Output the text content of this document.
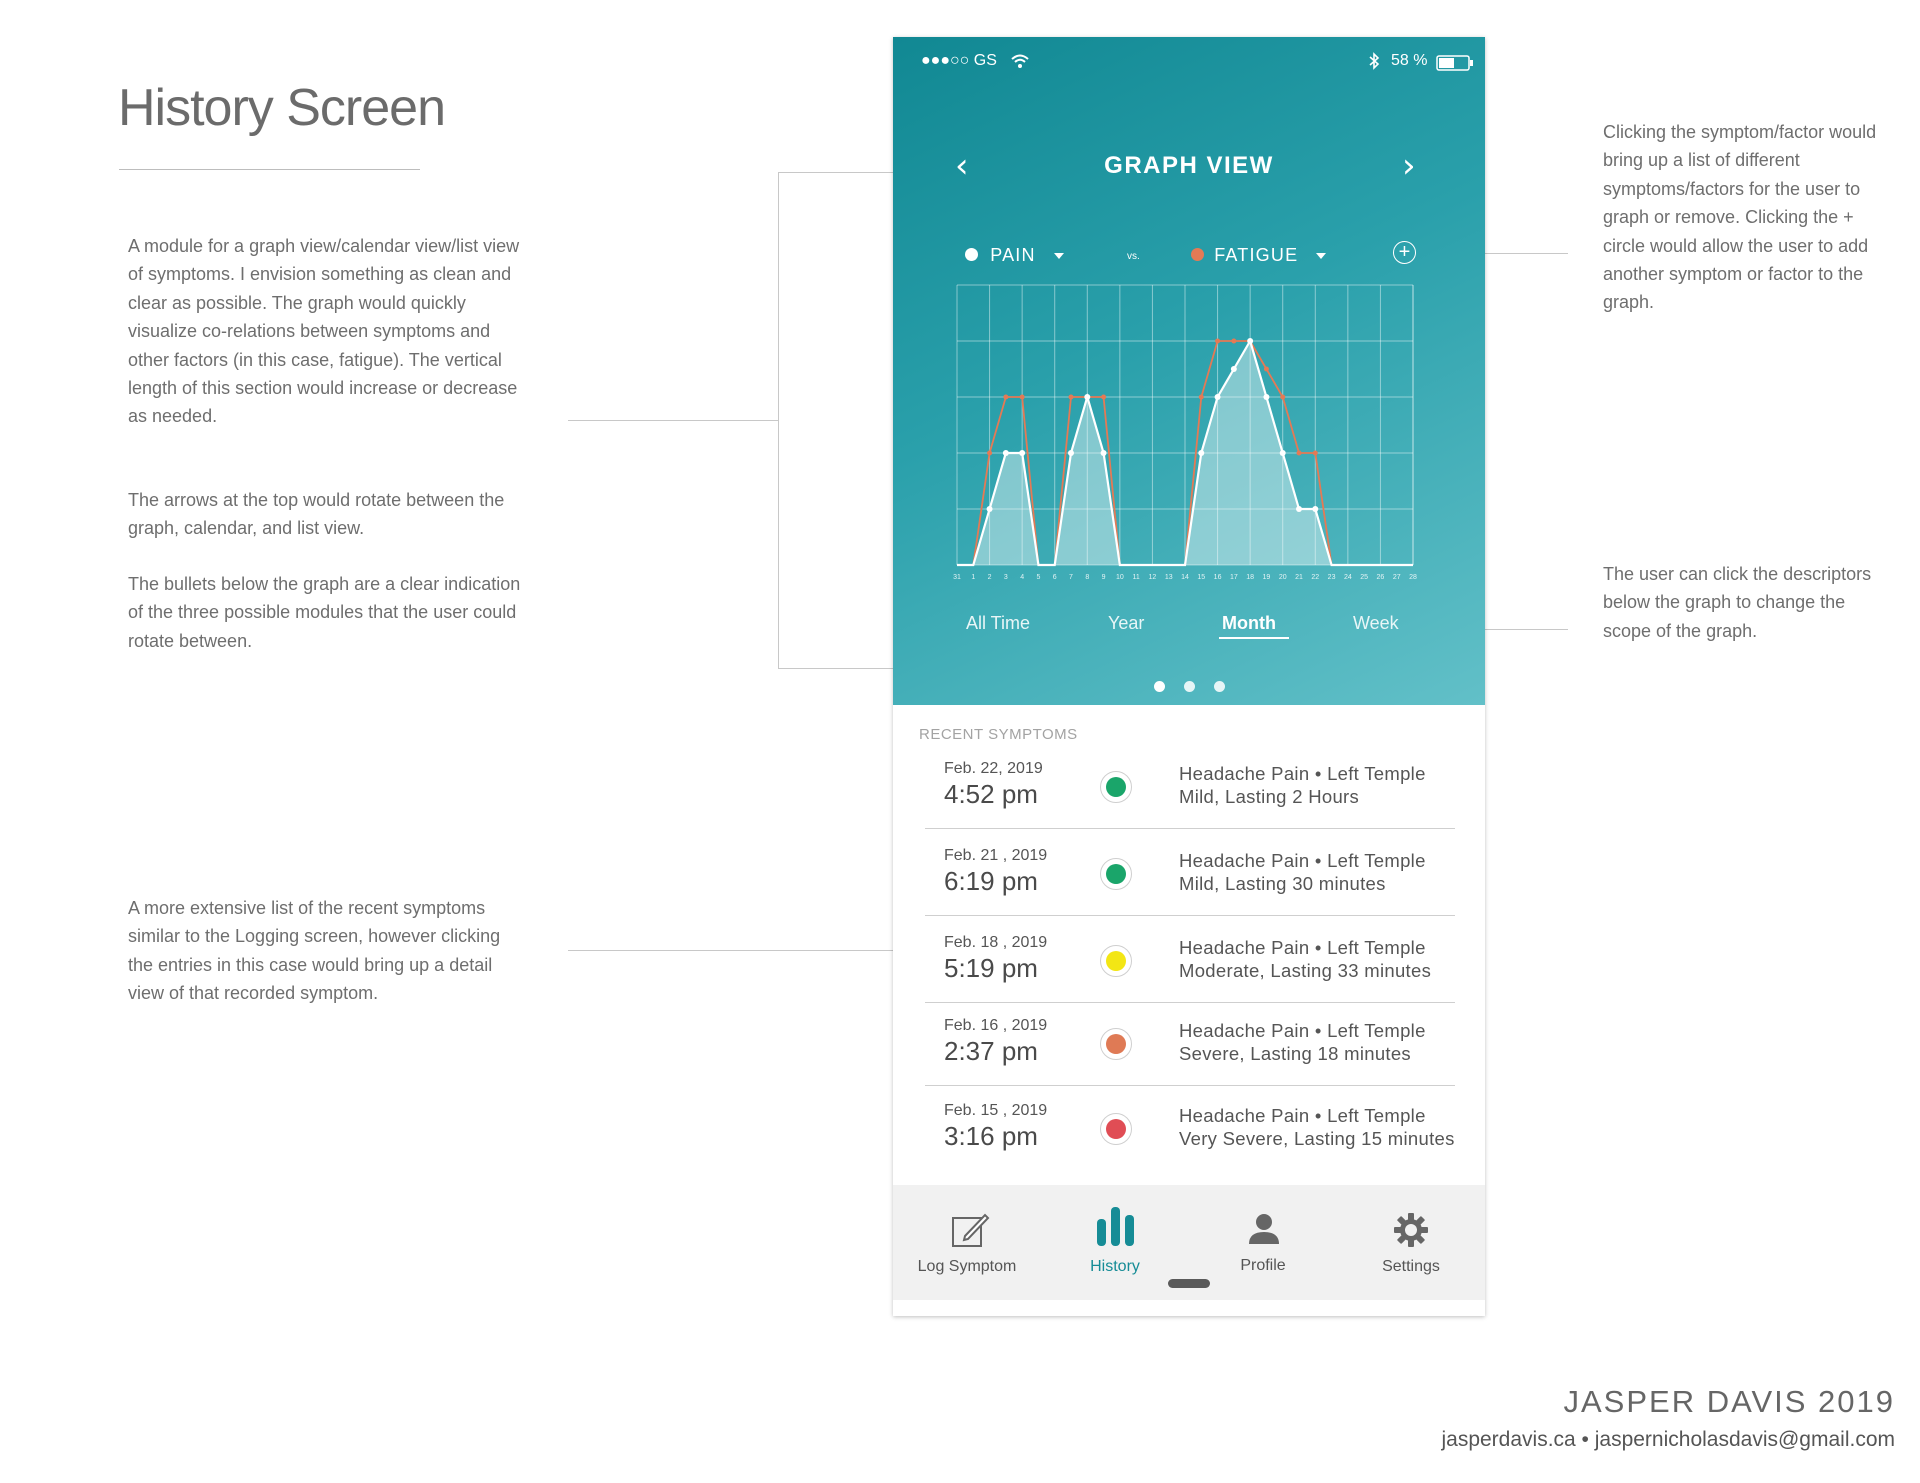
History Screen
A module for a graph view/calendar view/list view of symptoms. I envision something as clean and clear as possible. The graph would quickly visualize co-relations between symptoms and other factors (in this case, fatigue). The vertical length of this section would increase or decrease as needed.
The arrows at the top would rotate between the graph, calendar, and list view.
The bullets below the graph are a clear indication of the three possible modules that the user could rotate between.
A more extensive list of the recent symptoms similar to the Logging screen, however clicking the entries in this case would bring up a detail view of that recorded symptom.
Clicking the symptom/factor would bring up a list of different symptoms/factors for the user to graph or remove. Clicking the + circle would allow the user to add another symptom or factor to the graph.
The user can click the descriptors below the graph to change the scope of the graph.
●●●○○ GS	58 %
‹	GRAPH VIEW	›
PAIN	vs.	FATIGUE	+
31 1 2 3 4 5 6 7 8 9 10 11 12 13 14 15 16 17 18 19 20 21 22 23 24 25 26 27 28
All Time	Year	Month	Week
RECENT SYMPTOMS
Feb. 22, 2019
4:52 pm
Headache Pain • Left Temple
Mild, Lasting 2 Hours
Feb. 21 , 2019
6:19 pm
Headache Pain • Left Temple
Mild, Lasting 30 minutes
Feb. 18 , 2019
5:19 pm
Headache Pain • Left Temple
Moderate, Lasting 33 minutes
Feb. 16 , 2019
2:37 pm
Headache Pain • Left Temple
Severe, Lasting 18 minutes
Feb. 15 , 2019
3:16 pm
Headache Pain • Left Temple
Very Severe, Lasting 15 minutes
Log Symptom	History	Profile	Settings
JASPER DAVIS 2019
jasperdavis.ca • jaspernicholasdavis@gmail.com
